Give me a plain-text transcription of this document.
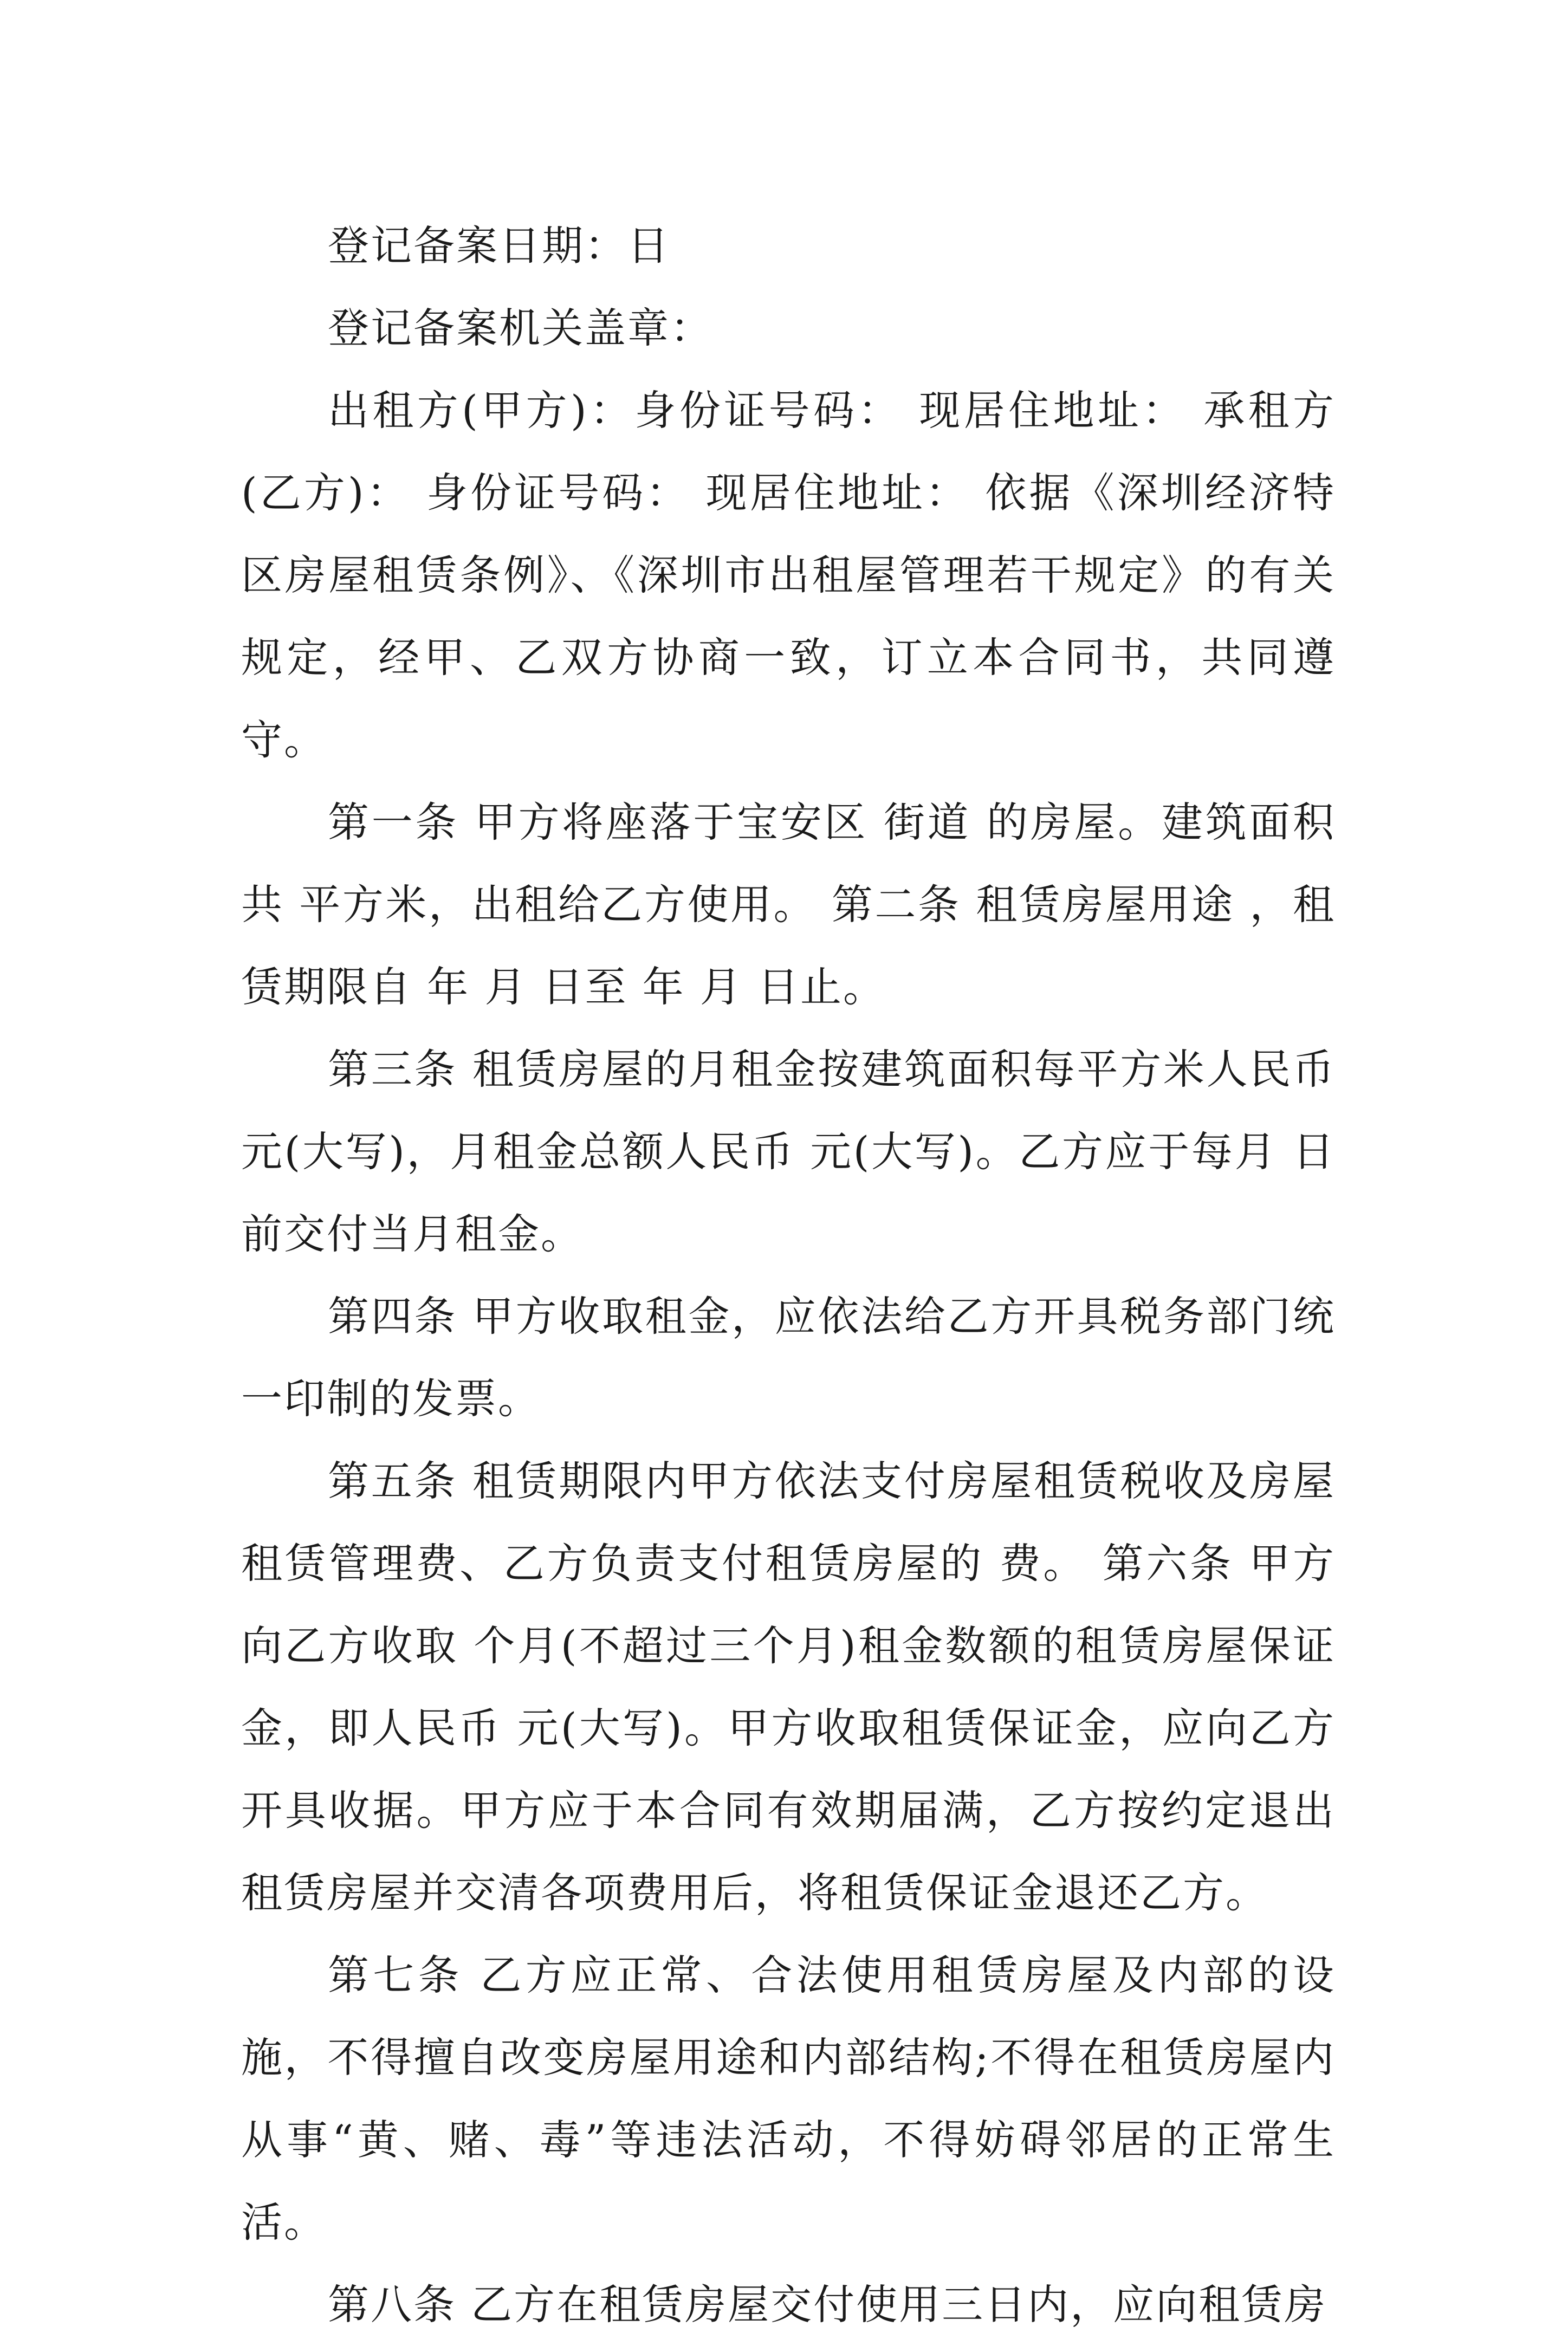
登记备案日期：日

登记备案机关盖章：

出租方(甲方)：身份证号码： 现居住地址： 承租方(乙方)： 身份证号码： 现居住地址： 依据《深圳经济特区房屋租赁条例》、《深圳市出租屋管理若干规定》的有关规定，经甲、乙双方协商一致，订立本合同书，共同遵守。

第一条 甲方将座落于宝安区 街道 的房屋。建筑面积共 平方米，出租给乙方使用。 第二条 租赁房屋用途 ，租赁期限自 年 月 日至 年 月 日止。

第三条 租赁房屋的月租金按建筑面积每平方米人民币 元(大写)，月租金总额人民币 元(大写)。乙方应于每月 日前交付当月租金。

第四条 甲方收取租金，应依法给乙方开具税务部门统一印制的发票。

第五条 租赁期限内甲方依法支付房屋租赁税收及房屋租赁管理费、乙方负责支付租赁房屋的 费。 第六条 甲方向乙方收取 个月(不超过三个月)租金数额的租赁房屋保证金，即人民币 元(大写)。甲方收取租赁保证金，应向乙方开具收据。甲方应于本合同有效期届满，乙方按约定退出租赁房屋并交清各项费用后，将租赁保证金退还乙方。

第七条 乙方应正常、合法使用租赁房屋及内部的设施，不得擅自改变房屋用途和内部结构;不得在租赁房屋内从事“黄、赌、毒”等违法活动，不得妨碍邻居的正常生活。

第八条 乙方在租赁房屋交付使用三日内，应向租赁房
